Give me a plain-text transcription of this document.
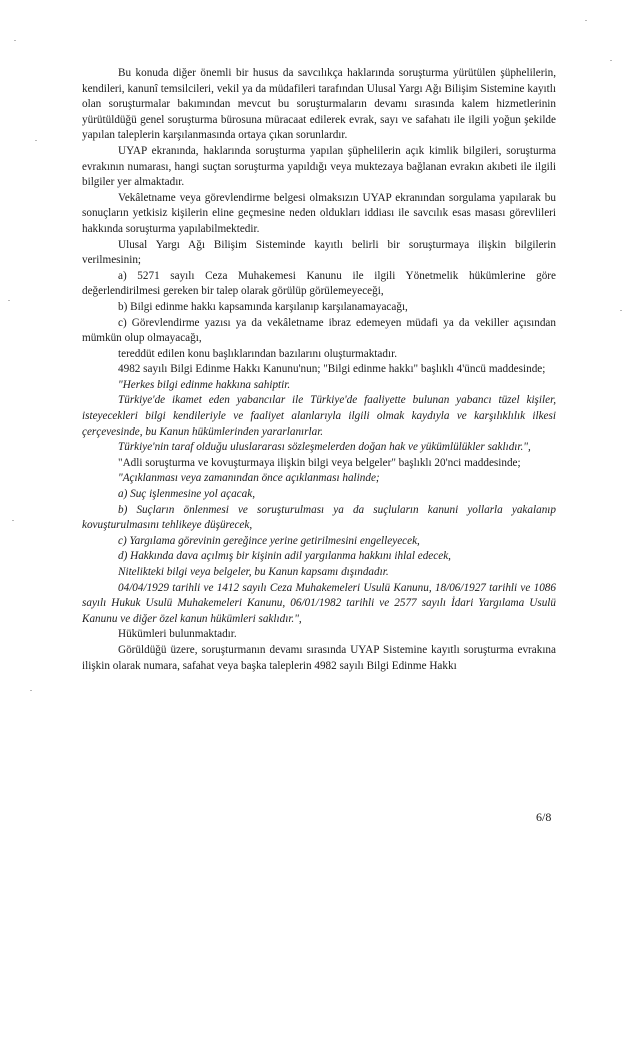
Bu konuda diğer önemli bir husus da savcılıkça haklarında soruşturma yürütülen şüphelilerin, kendileri, kanunî temsilcileri, vekil ya da müdafileri tarafından Ulusal Yargı Ağı Bilişim Sistemine kayıtlı olan soruşturmalar bakımından mevcut bu soruşturmaların devamı sırasında kalem hizmetlerinin yürütüldüğü genel soruşturma bürosuna müracaat edilerek evrak, sayı ve safahatı ile ilgili yoğun şekilde yapılan taleplerin karşılanmasında ortaya çıkan sorunlardır.

UYAP ekranında, haklarında soruşturma yapılan şüphelilerin açık kimlik bilgileri, soruşturma evrakının numarası, hangi suçtan soruşturma yapıldığı veya muktezaya bağlanan evrakın akıbeti ile ilgili bilgiler yer almaktadır.

Vekâletname veya görevlendirme belgesi olmaksızın UYAP ekranından sorgulama yapılarak bu sonuçların yetkisiz kişilerin eline geçmesine neden oldukları iddiası ile savcılık esas masası görevlileri hakkında soruşturma yapılabilmektedir.

Ulusal Yargı Ağı Bilişim Sisteminde kayıtlı belirli bir soruşturmaya ilişkin bilgilerin verilmesinin;

a) 5271 sayılı Ceza Muhakemesi Kanunu ile ilgili Yönetmelik hükümlerine göre değerlendirilmesi gereken bir talep olarak görülüp görülemeyeceği,

b) Bilgi edinme hakkı kapsamında karşılanıp karşılanamayacağı,

c) Görevlendirme yazısı ya da vekâletname ibraz edemeyen müdafi ya da vekiller açısından mümkün olup olmayacağı,

tereddüt edilen konu başlıklarından bazılarını oluşturmaktadır.

4982 sayılı Bilgi Edinme Hakkı Kanunu'nun; "Bilgi edinme hakkı" başlıklı 4'üncü maddesinde;

"Herkes bilgi edinme hakkına sahiptir.

Türkiye'de ikamet eden yabancılar ile Türkiye'de faaliyette bulunan yabancı tüzel kişiler, isteyecekleri bilgi kendileriyle ve faaliyet alanlarıyla ilgili olmak kaydıyla ve karşılıklılık ilkesi çerçevesinde, bu Kanun hükümlerinden yararlanırlar.

Türkiye'nin taraf olduğu uluslararası sözleşmelerden doğan hak ve yükümlülükler saklıdır.",

"Adli soruşturma ve kovuşturmaya ilişkin bilgi veya belgeler" başlıklı 20'nci maddesinde;

"Açıklanması veya zamanından önce açıklanması halinde;

a) Suç işlenmesine yol açacak,

b) Suçların önlenmesi ve soruşturulması ya da suçluların kanuni yollarla yakalanıp kovuşturulmasını tehlikeye düşürecek,

c) Yargılama görevinin gereğince yerine getirilmesini engelleyecek,

d) Hakkında dava açılmış bir kişinin adil yargılanma hakkını ihlal edecek,

Nitelikteki bilgi veya belgeler, bu Kanun kapsamı dışındadır.

04/04/1929 tarihli ve 1412 sayılı Ceza Muhakemeleri Usulü Kanunu, 18/06/1927 tarihli ve 1086 sayılı Hukuk Usulü Muhakemeleri Kanunu, 06/01/1982 tarihli ve 2577 sayılı İdari Yargılama Usulü Kanunu ve diğer özel kanun hükümleri saklıdır.",

Hükümleri bulunmaktadır.

Görüldüğü üzere, soruşturmanın devamı sırasında UYAP Sistemine kayıtlı soruşturma evrakına ilişkin olarak numara, safahat veya başka taleplerin 4982 sayılı Bilgi Edinme Hakkı

6/8
